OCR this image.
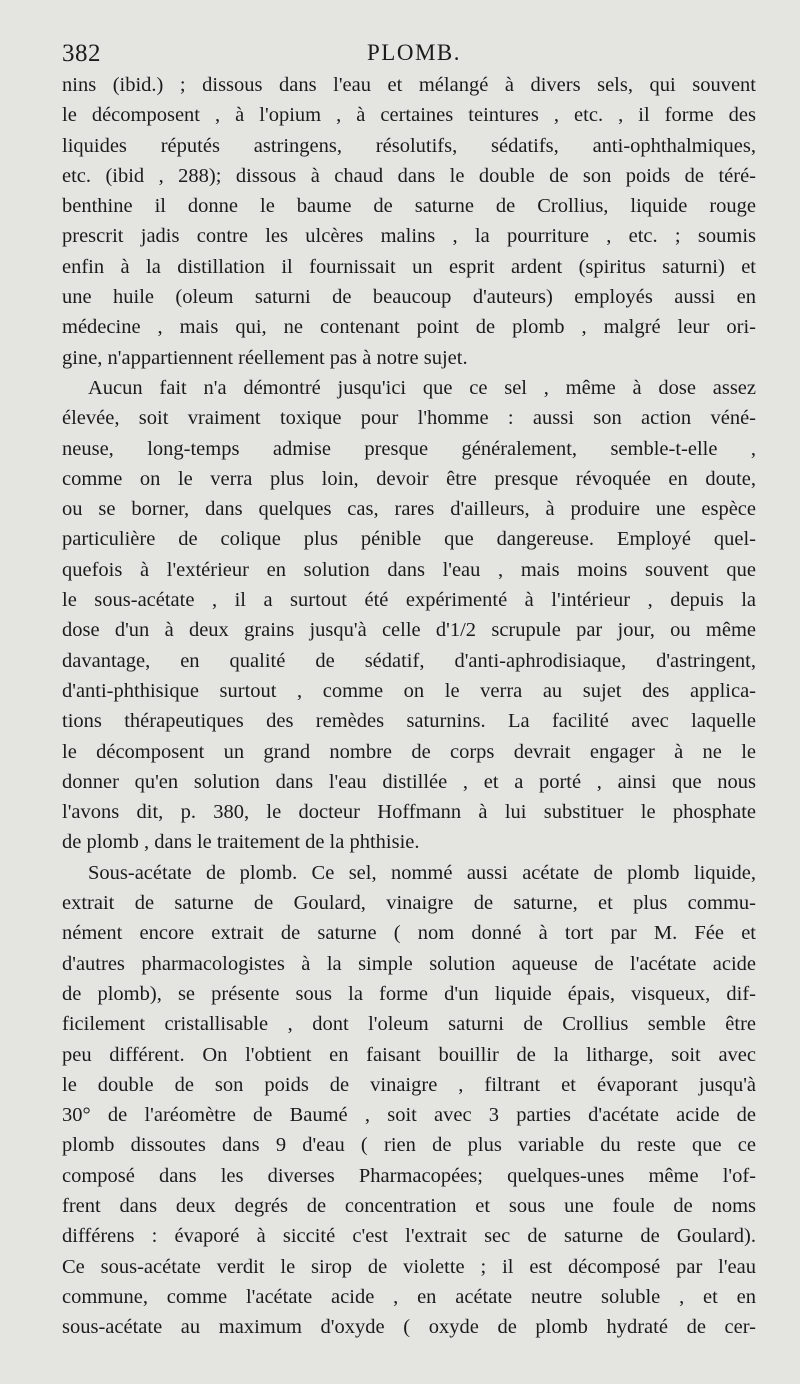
382	PLOMB.
nins (ibid.) ; dissous dans l'eau et mélangé à divers sels, qui souvent
le décomposent , à l'opium , à certaines teintures , etc. , il forme des
liquides réputés astringens, résolutifs, sédatifs, anti-ophthalmiques,
etc. (ibid , 288); dissous à chaud dans le double de son poids de téré-
benthine il donne le baume de saturne de Crollius, liquide rouge
prescrit jadis contre les ulcères malins , la pourriture , etc. ; soumis
enfin à la distillation il fournissait un esprit ardent (spiritus saturni) et
une huile (oleum saturni de beaucoup d'auteurs) employés aussi en
médecine , mais qui, ne contenant point de plomb , malgré leur ori-
gine, n'appartiennent réellement pas à notre sujet.
Aucun fait n'a démontré jusqu'ici que ce sel , même à dose assez
élevée, soit vraiment toxique pour l'homme : aussi son action véné-
neuse, long-temps admise presque généralement, semble-t-elle ,
comme on le verra plus loin, devoir être presque révoquée en doute,
ou se borner, dans quelques cas, rares d'ailleurs, à produire une espèce
particulière de colique plus pénible que dangereuse. Employé quel-
quefois à l'extérieur en solution dans l'eau , mais moins souvent que
le sous-acétate , il a surtout été expérimenté à l'intérieur , depuis la
dose d'un à deux grains jusqu'à celle d'1/2 scrupule par jour, ou même
davantage, en qualité de sédatif, d'anti-aphrodisiaque, d'astringent,
d'anti-phthisique surtout , comme on le verra au sujet des applica-
tions thérapeutiques des remèdes saturnins. La facilité avec laquelle
le décomposent un grand nombre de corps devrait engager à ne le
donner qu'en solution dans l'eau distillée , et a porté , ainsi que nous
l'avons dit, p. 380, le docteur Hoffmann à lui substituer le phosphate
de plomb , dans le traitement de la phthisie.
Sous-acétate de plomb. Ce sel, nommé aussi acétate de plomb liquide,
extrait de saturne de Goulard, vinaigre de saturne, et plus commu-
nément encore extrait de saturne ( nom donné à tort par M. Fée et
d'autres pharmacologistes à la simple solution aqueuse de l'acétate acide
de plomb), se présente sous la forme d'un liquide épais, visqueux, dif-
ficilement cristallisable , dont l'oleum saturni de Crollius semble être
peu différent. On l'obtient en faisant bouillir de la litharge, soit avec
le double de son poids de vinaigre , filtrant et évaporant jusqu'à
30° de l'aréomètre de Baumé , soit avec 3 parties d'acétate acide de
plomb dissoutes dans 9 d'eau ( rien de plus variable du reste que ce
composé dans les diverses Pharmacopées; quelques-unes même l'of-
frent dans deux degrés de concentration et sous une foule de noms
différens : évaporé à siccité c'est l'extrait sec de saturne de Goulard).
Ce sous-acétate verdit le sirop de violette ; il est décomposé par l'eau
commune, comme l'acétate acide , en acétate neutre soluble , et en
sous-acétate au maximum d'oxyde ( oxyde de plomb hydraté de cer-
